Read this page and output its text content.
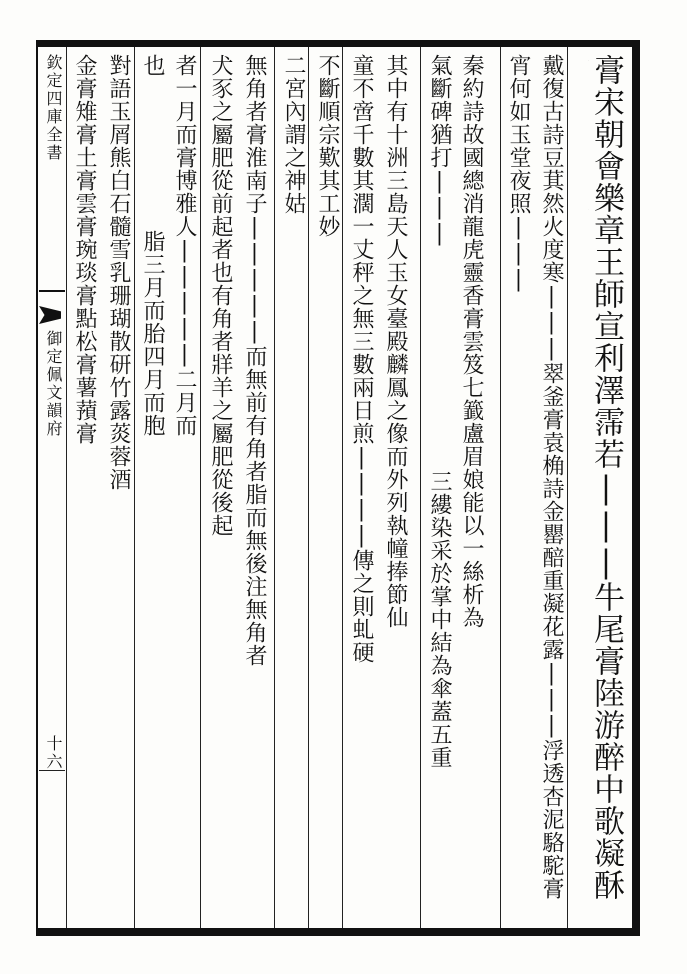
欽定四庫全書
御定佩文韻府
十六
膏宋朝會樂章王師宣利澤霈若|||牛尾膏陸游醉中歌凝酥
戴復古詩豆萁然火度寒|||翠釜膏袁桷詩金罌醅重凝花露|||浮透杏泥駱駝膏
宵何如玉堂夜照|||
秦約詩故國總消龍虎靈香膏雲笈七籖盧眉娘能以一絲析為
氣斷碑猶打|||
三縷染采於掌中結為傘蓋五重
其中有十洲三島天人玉女臺殿麟鳳之像而外列執幢捧節仙
童不啻千數其濶一丈秤之無三數兩日煎||||傳之則虬硬
不斷順宗歎其工妙
二宮內謂之神姑
無角者膏淮南子|||||而無前有角者脂而無後注無角者
犬豕之屬肥從前起者也有角者牂羊之屬肥從後起
者一月而膏博雅人|||||二月而
脂三月而胎四月而胞
也
對語玉屑熊白石髓雪乳珊瑚散研竹露菼蓉酒
金膏雉膏土膏雲膏琬琰膏點松膏薯蕷膏
